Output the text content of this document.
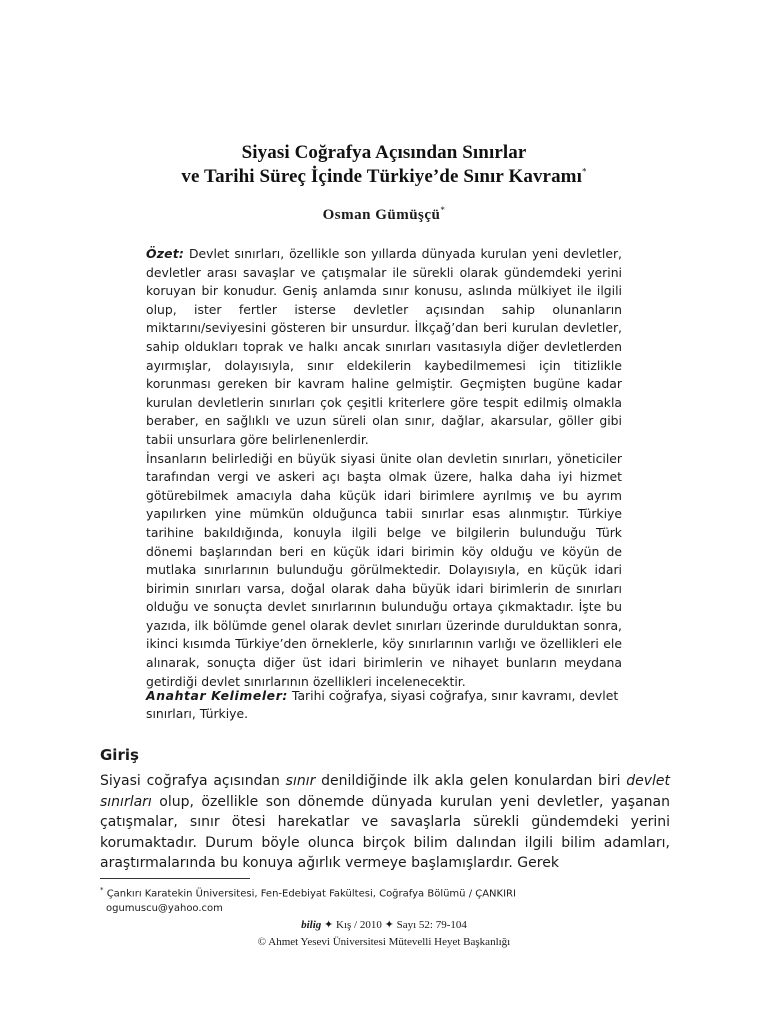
Siyasi Coğrafya Açısından Sınırlar
ve Tarihi Süreç İçinde Türkiye’de Sınır Kavramı*
Osman Gümüşçü*

Özet: Devlet sınırları, özellikle son yıllarda dünyada kurulan yeni devletler, devletler arası savaşlar ve çatışmalar ile sürekli olarak gündemdeki yerini koruyan bir konudur. Geniş anlamda sınır konusu, aslında mülkiyet ile ilgili olup, ister fertler isterse devletler açısından sahip olunanların miktarını/seviyesini gösteren bir unsurdur. İlkçağ’dan beri kurulan devletler, sahip oldukları toprak ve halkı ancak sınırları vasıtasıyla diğer devletlerden ayırmışlar, dolayısıyla, sınır eldekilerin kaybedilmemesi için titizlikle korunması gereken bir kavram haline gelmiştir. Geçmişten bugüne kadar kurulan devletlerin sınırları çok çeşitli kriterlere göre tespit edilmiş olmakla beraber, en sağlıklı ve uzun süreli olan sınır, dağlar, akarsular, göller gibi tabii unsurlara göre belirlenenlerdir.

İnsanların belirlediği en büyük siyasi ünite olan devletin sınırları, yöneticiler tarafından vergi ve askeri açı başta olmak üzere, halka daha iyi hizmet götürebilmek amacıyla daha küçük idari birimlere ayrılmış ve bu ayrım yapılırken yine mümkün olduğunca tabii sınırlar esas alınmıştır. Türkiye tarihine bakıldığında, konuyla ilgili belge ve bilgilerin bulunduğu Türk dönemi başlarından beri en küçük idari birimin köy olduğu ve köyün de mutlaka sınırlarının bulunduğu görülmektedir. Dolayısıyla, en küçük idari birimin sınırları varsa, doğal olarak daha büyük idari birimlerin de sınırları olduğu ve sonuçta devlet sınırlarının bulunduğu ortaya çıkmaktadır. İşte bu yazıda, ilk bölümde genel olarak devlet sınırları üzerinde durulduktan sonra, ikinci kısımda Türkiye’den örneklerle, köy sınırlarının varlığı ve özellikleri ele alınarak, sonuçta diğer üst idari birimlerin ve nihayet bunların meydana getirdiği devlet sınırlarının özellikleri incelenecektir.

Anahtar Kelimeler: Tarihi coğrafya, siyasi coğrafya, sınır kavramı, devlet sınırları, Türkiye.
Giriş

Siyasi coğrafya açısından sınır denildiğinde ilk akla gelen konulardan biri devlet sınırları olup, özellikle son dönemde dünyada kurulan yeni devletler, yaşanan çatışmalar, sınır ötesi harekatlar ve savaşlarla sürekli gündemdeki yerini korumaktadır. Durum böyle olunca birçok bilim dalından ilgili bilim adamları, araştırmalarında bu konuya ağırlık vermeye başlamışlardır. Gerek

* Çankırı Karatekin Üniversitesi, Fen-Edebiyat Fakültesi, Coğrafya Bölümü / ÇANKIRI
ogumuscu@yahoo.com
bilig ✦ Kış / 2010 ✦ Sayı 52: 79-104
© Ahmet Yesevi Üniversitesi Mütevelli Heyet Başkanlığı
